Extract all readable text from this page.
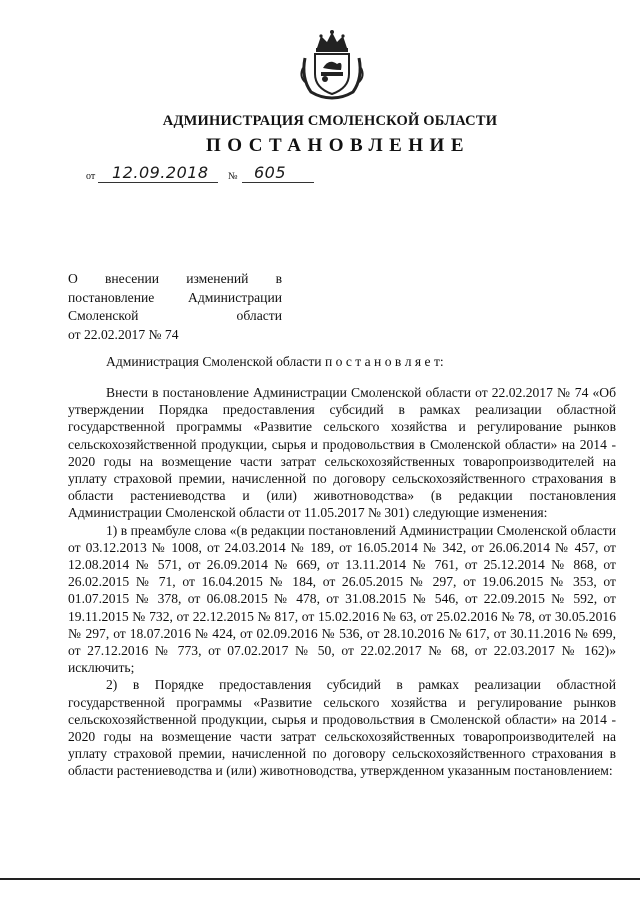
АДМИНИСТРАЦИЯ СМОЛЕНСКОЙ ОБЛАСТИ
ПОСТАНОВЛЕНИЕ
от 12.09.2018 № 605
О внесении изменений в
постановление Администрации
Смоленской области
от 22.02.2017 № 74
Администрация Смоленской области п о с т а н о в л я е т:

Внести в постановление Администрации Смоленской области от 22.02.2017 № 74 «Об утверждении Порядка предоставления субсидий в рамках реализации областной государственной программы «Развитие сельского хозяйства и регулирование рынков сельскохозяйственной продукции, сырья и продовольствия в Смоленской области» на 2014 - 2020 годы на возмещение части затрат сельскохозяйственных товаропроизводителей на уплату страховой премии, начисленной по договору сельскохозяйственного страхования в области растениеводства и (или) животноводства» (в редакции постановления Администрации Смоленской области от 11.05.2017 № 301) следующие изменения:

1) в преамбуле слова «(в редакции постановлений Администрации Смоленской области от 03.12.2013 № 1008, от 24.03.2014 № 189, от 16.05.2014 № 342, от 26.06.2014 № 457, от 12.08.2014 № 571, от 26.09.2014 № 669, от 13.11.2014 № 761, от 25.12.2014 № 868, от 26.02.2015 № 71, от 16.04.2015 № 184, от 26.05.2015 № 297, от 19.06.2015 № 353, от 01.07.2015 № 378, от 06.08.2015 № 478, от 31.08.2015 № 546, от 22.09.2015 № 592, от 19.11.2015 № 732, от 22.12.2015 № 817, от 15.02.2016 № 63, от 25.02.2016 № 78, от 30.05.2016 № 297, от 18.07.2016 № 424, от 02.09.2016 № 536, от 28.10.2016 № 617, от 30.11.2016 № 699, от 27.12.2016 № 773, от 07.02.2017 № 50, от 22.02.2017 № 68, от 22.03.2017 № 162)» исключить;

2) в Порядке предоставления субсидий в рамках реализации областной государственной программы «Развитие сельского хозяйства и регулирование рынков сельскохозяйственной продукции, сырья и продовольствия в Смоленской области» на 2014 - 2020 годы на возмещение части затрат сельскохозяйственных товаропроизводителей на уплату страховой премии, начисленной по договору сельскохозяйственного страхования в области растениеводства и (или) животноводства, утвержденном указанным постановлением:
